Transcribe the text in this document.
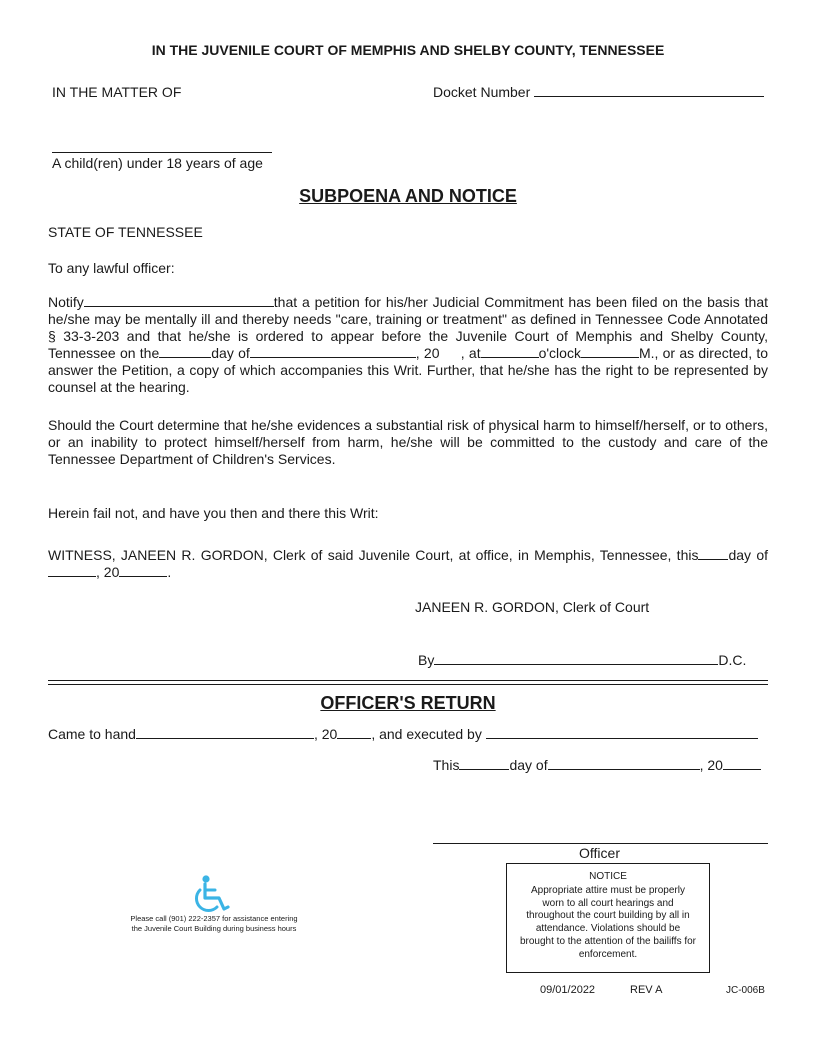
IN THE JUVENILE COURT OF MEMPHIS AND SHELBY COUNTY, TENNESSEE
IN THE MATTER OF	Docket Number
A child(ren) under 18 years of age
SUBPOENA AND NOTICE
STATE OF TENNESSEE
To any lawful officer:
Notify	that a petition for his/her Judicial Commitment has been filed on the basis that he/she may be mentally ill and thereby needs "care, training or treatment" as defined in Tennessee Code Annotated § 33-3-203 and that he/she is ordered to appear before the Juvenile Court of Memphis and Shelby County, Tennessee on the	day of	, 20 , at	o'clock	M., or as directed, to answer the Petition, a copy of which accompanies this Writ. Further, that he/she has the right to be represented by counsel at the hearing.
Should the Court determine that he/she evidences a substantial risk of physical harm to himself/herself, or to others, or an inability to protect himself/herself from harm, he/she will be committed to the custody and care of the Tennessee Department of Children's Services.
Herein fail not, and have you then and there this Writ:
WITNESS, JANEEN R. GORDON, Clerk of said Juvenile Court, at office, in Memphis, Tennessee, this day of, 20	.
JANEEN R. GORDON, Clerk of Court
By	D.C.
OFFICER'S RETURN
Came to hand	, 20 , and executed by
This	day of	, 20
Officer
Please call (901) 222-2357 for assistance entering the Juvenile Court Building during business hours
NOTICE
Appropriate attire must be properly worn to all court hearings and throughout the court building by all in attendance. Violations should be brought to the attention of the bailiffs for enforcement.
09/01/2022	REV A	JC-006B
